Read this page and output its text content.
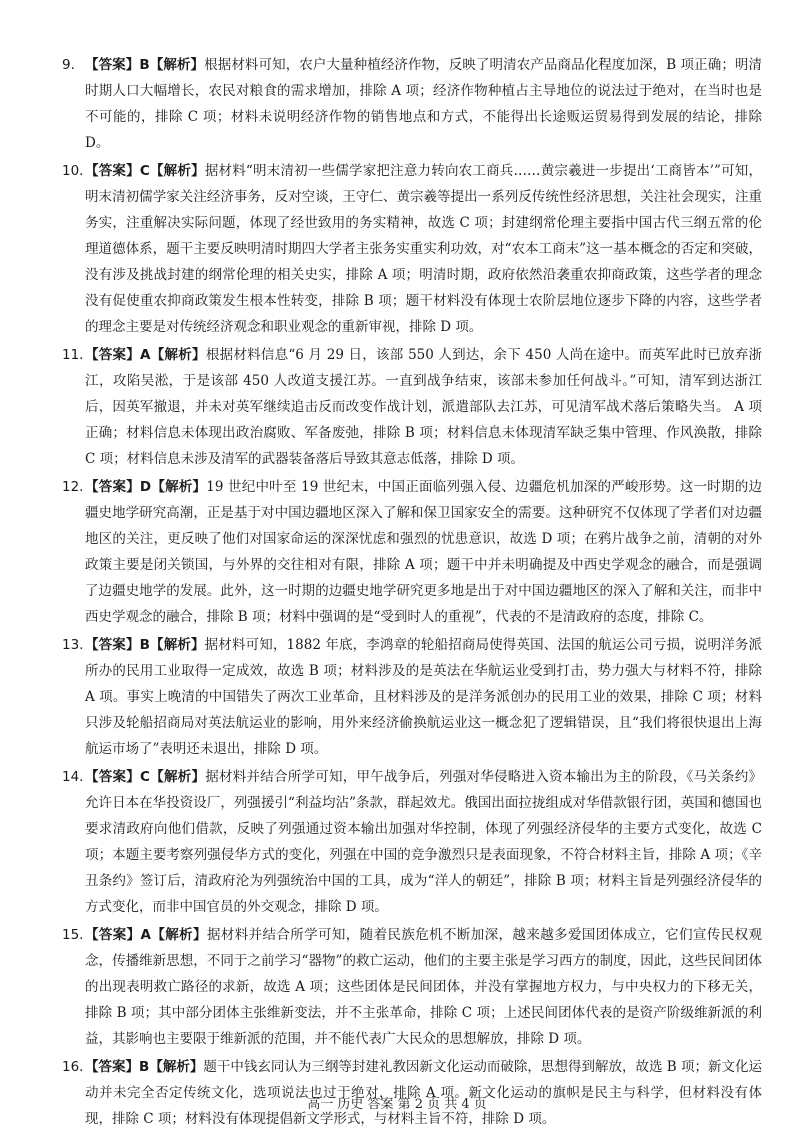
9. 【答案】B【解析】根据材料可知，农户大量种植经济作物，反映了明清农产品商品化程度加深，B 项正确；明清时期人口大幅增长，农民对粮食的需求增加，排除 A 项；经济作物种植占主导地位的说法过于绝对，在当时也是不可能的，排除 C 项；材料未说明经济作物的销售地点和方式，不能得出长途贩运贸易得到发展的结论，排除 D。
10. 【答案】C【解析】据材料“明末清初一些儒学家把注意力转向农工商兵……黄宗羲进一步提出‘工商皆本’”可知，明末清初儒学家关注经济事务，反对空谈，王守仁、黄宗羲等提出一系列反传统性经济思想，关注社会现实，注重务实，注重解决实际问题，体现了经世致用的务实精神，故选 C 项；封建纲常伦理主要指中国古代三纲五常的伦理道德体系，题干主要反映明清时期四大学者主张务实重实利功效，对“农本工商末”这一基本概念的否定和突破，没有涉及挑战封建的纲常伦理的相关史实，排除 A 项；明清时期，政府依然沿袭重农抑商政策，这些学者的理念没有促使重农抑商政策发生根本性转变，排除 B 项；题干材料没有体现士农阶层地位逐步下降的内容，这些学者的理念主要是对传统经济观念和职业观念的重新审视，排除 D 项。
11. 【答案】A【解析】根据材料信息“6 月 29 日，该部 550 人到达，余下 450 人尚在途中。而英军此时已放弃浙江，攻陷吴淞，于是该部 450 人改道支援江苏。一直到战争结束，该部未参加任何战斗。”可知，清军到达浙江后，因英军撤退，并未对英军继续追击反而改变作战计划，派遣部队去江苏，可见清军战术落后策略失当。 A 项正确；材料信息未体现出政治腐败、军备废弛，排除 B 项；材料信息未体现清军缺乏集中管理、作风涣散，排除 C 项；材料信息未涉及清军的武器装备落后导致其意志低落，排除 D 项。
12. 【答案】D【解析】19 世纪中叶至 19 世纪末，中国正面临列强入侵、边疆危机加深的严峻形势。这一时期的边疆史地学研究高潮，正是基于对中国边疆地区深入了解和保卫国家安全的需要。这种研究不仅体现了学者们对边疆地区的关注，更反映了他们对国家命运的深深忧虑和强烈的忧患意识，故选 D 项；在鸦片战争之前，清朝的对外政策主要是闭关锁国，与外界的交往相对有限，排除 A 项；题干中并未明确提及中西史学观念的融合，而是强调了边疆史地学的发展。此外，这一时期的边疆史地学研究更多地是出于对中国边疆地区的深入了解和关注，而非中西史学观念的融合，排除 B 项；材料中强调的是“受到时人的重视”，代表的不是清政府的态度，排除 C。
13. 【答案】B【解析】据材料可知，1882 年底，李鸿章的轮船招商局使得英国、法国的航运公司亏损，说明洋务派所办的民用工业取得一定成效，故选 B 项；材料涉及的是英法在华航运业受到打击，势力强大与材料不符，排除 A 项。事实上晚清的中国错失了两次工业革命，且材料涉及的是洋务派创办的民用工业的效果，排除 C 项；材料只涉及轮船招商局对英法航运业的影响，用外来经济偷换航运业这一概念犯了逻辑错误，且“我们将很快退出上海航运市场了”表明还未退出，排除 D 项。
14. 【答案】C【解析】据材料并结合所学可知，甲午战争后，列强对华侵略进入资本输出为主的阶段，《马关条约》允许日本在华投资设厂，列强援引“利益均沾”条款，群起效尤。俄国出面拉拢组成对华借款银行团，英国和德国也要求清政府向他们借款，反映了列强通过资本输出加强对华控制，体现了列强经济侵华的主要方式变化，故选 C 项；本题主要考察列强侵华方式的变化，列强在中国的竞争激烈只是表面现象，不符合材料主旨，排除 A 项；《辛丑条约》签订后，清政府沦为列强统治中国的工具，成为“洋人的朝廷”，排除 B 项；材料主旨是列强经济侵华的方式变化，而非中国官员的外交观念，排除 D 项。
15. 【答案】A【解析】据材料并结合所学可知，随着民族危机不断加深，越来越多爱国团体成立，它们宣传民权观念，传播维新思想，不同于之前学习“器物”的救亡运动，他们的主要主张是学习西方的制度，因此，这些民间团体的出现表明救亡路径的求新，故选 A 项；这些团体是民间团体，并没有掌握地方权力，与中央权力的下移无关，排除 B 项；其中部分团体主张维新变法，并不主张革命，排除 C 项；上述民间团体代表的是资产阶级维新派的利益，其影响也主要限于维新派的范围，并不能代表广大民众的思想解放，排除 D 项。
16. 【答案】B【解析】题干中钱玄同认为三纲等封建礼教因新文化运动而破除，思想得到解放，故选 B 项；新文化运动并未完全否定传统文化，选项说法也过于绝对，排除 A 项。新文化运动的旗帜是民主与科学，但材料没有体现，排除 C 项；材料没有体现提倡新文学形式，与材料主旨不符，排除 D 项。
高一 历史 答案 第 2 页 共 4 页
